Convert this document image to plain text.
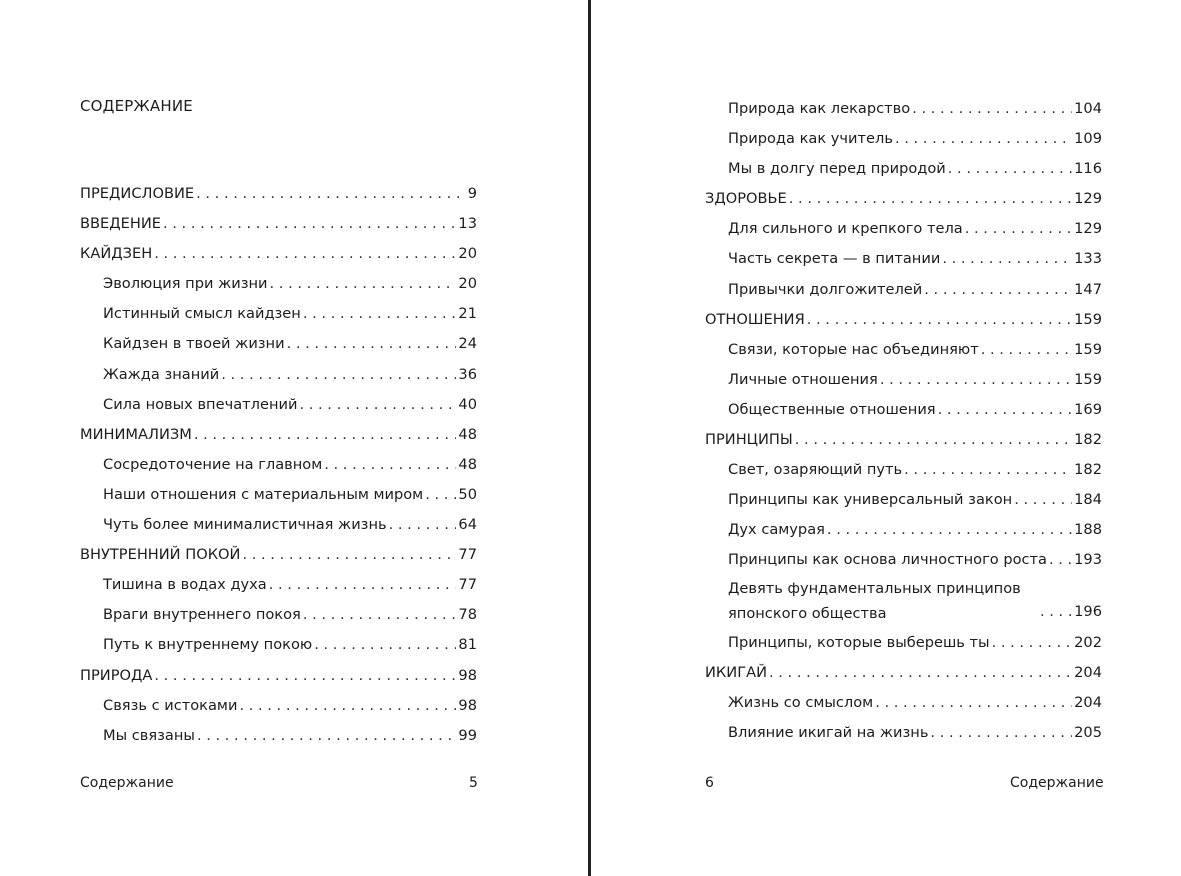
СОДЕРЖАНИЕ
ПРЕДИСЛОВИЕ . . .	9
ВВЕДЕНИЕ . . .	13
КАЙДЗЕН . . .	20
Эволюция при жизни . . .	20
Истинный смысл кайдзен . . .	21
Кайдзен в твоей жизни . . .	24
Жажда знаний . . .	36
Сила новых впечатлений . . .	40
МИНИМАЛИЗМ . . .	48
Сосредоточение на главном . . .	48
Наши отношения с материальным миром . . . 50
Чуть более минималистичная жизнь . . .	64
ВНУТРЕННИЙ ПОКОЙ . . .	77
Тишина в водах духа . . .	77
Враги внутреннего покоя . . .	78
Путь к внутреннему покою . . .	81
ПРИРОДА . . .	98
Связь с истоками . . .	98
Мы связаны . . .	99
Содержание	5
Природа как лекарство . . .	104
Природа как учитель . . .	109
Мы в долгу перед природой . . .	116
ЗДОРОВЬЕ . . .	129
Для сильного и крепкого тела . . .	129
Часть секрета — в питании . . .	133
Привычки долгожителей . . .	147
ОТНОШЕНИЯ . . .	159
Связи, которые нас объединяют . . .	159
Личные отношения . . .	159
Общественные отношения . . .	169
ПРИНЦИПЫ . . .	182
Свет, озаряющий путь . . .	182
Принципы как универсальный закон . . .	184
Дух самурая . . .	188
Принципы как основа личностного роста . . . 193
Девять фундаментальных принципов японского общества . . .	196
Принципы, которые выберешь ты . . .	202
ИКИГАЙ . . .	204
Жизнь со смыслом . . .	204
Влияние икигай на жизнь . . .	205
6	Содержание
